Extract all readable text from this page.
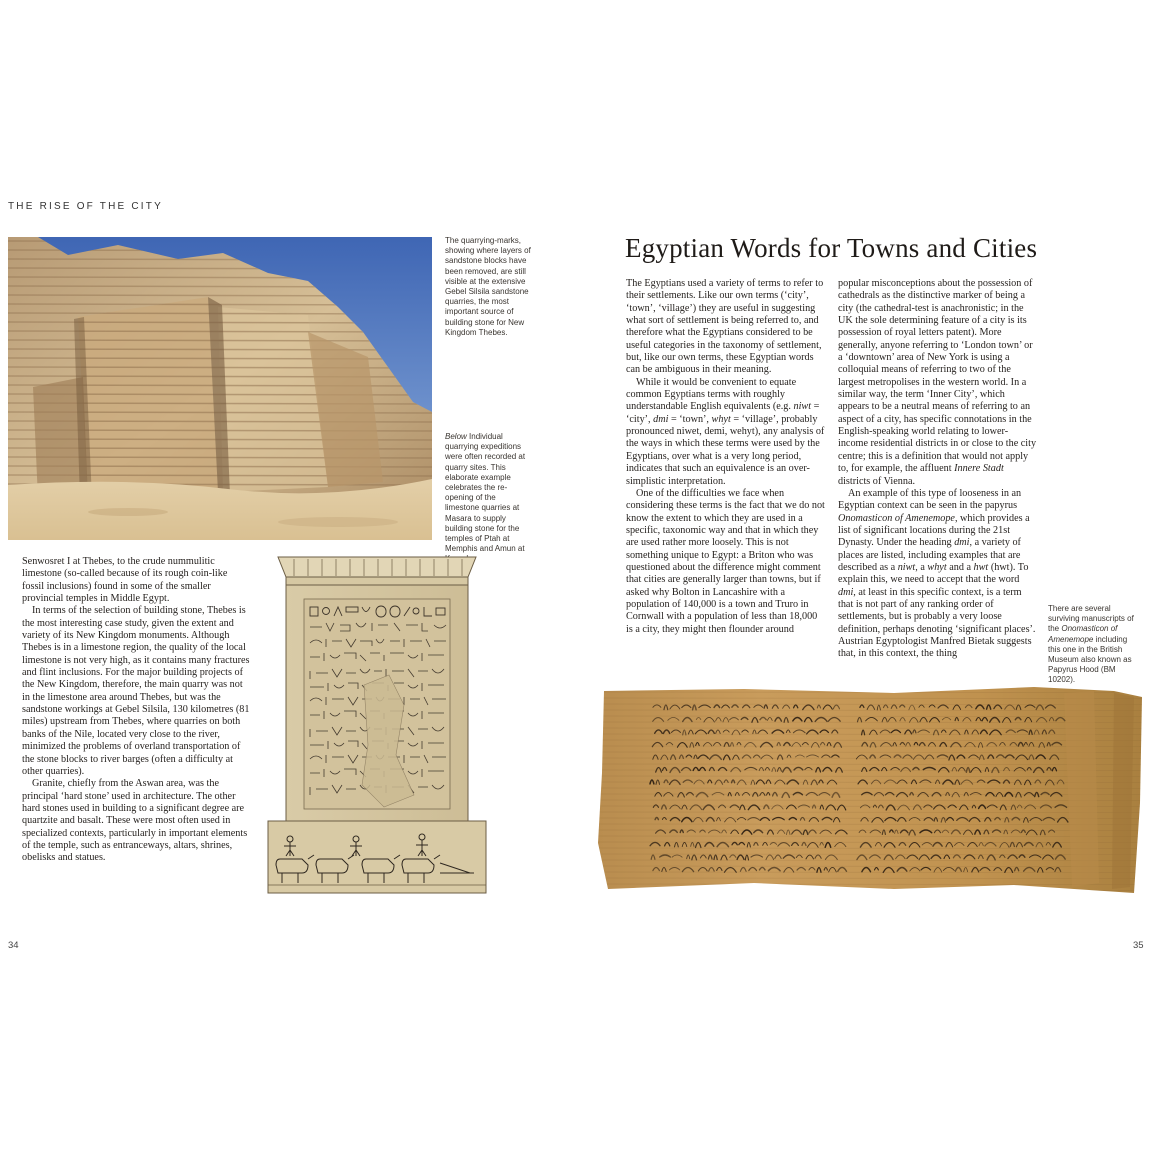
THE RISE OF THE CITY

The quarrying-marks, showing where layers of sandstone blocks have been removed, are still visible at the extensive Gebel Silsila sandstone quarries, the most important source of building stone for New Kingdom Thebes.

Below Individual quarrying expeditions were often recorded at quarry sites. This elaborate example celebrates the re-opening of the limestone quarries at Masara to supply building stone for the temples of Ptah at Memphis and Amun at

Senwosret I at Thebes, to the crude nummulitic limestone (so-called because of its rough coin-like fossil inclusions) found in some of the smaller provincial temples in Middle Egypt.

In terms of the selection of building stone, Thebes is the most interesting case study, given the extent and variety of its New Kingdom monuments. Although Thebes is in a limestone region, the quality of the local limestone is not very high, as it contains many fractures and flint inclusions. For the major building projects of the New Kingdom, therefore, the main quarry was not in the limestone area around Thebes, but was the sandstone workings at Gebel Silsila, 130 kilometres (81 miles) upstream from Thebes, where quarries on both banks of the Nile, located very close to the river, minimized the problems of overland transportation of the stone blocks to river barges (often a difficulty at other quarries).

Granite, chiefly from the Aswan area, was the principal ‘hard stone’ used in architecture. The other hard stones used in building to a significant degree are quartzite and basalt. These were most often used in specialized contexts, particularly in important elements of the temple, such as entranceways, altars, shrines, obelisks and statues.

Egyptian Words for Towns and Cities

The Egyptians used a variety of terms to refer to their settlements. Like our own terms (‘city’, ‘town’, ‘village’) they are useful in suggesting what sort of settlement is being referred to, and therefore what the Egyptians considered to be useful categories in the taxonomy of settlement, but, like our own terms, these Egyptian words can be ambiguous in their meaning.

While it would be convenient to equate common Egyptians terms with roughly understandable English equivalents (e.g. niwt = ‘city’, dmi = ‘town’, whyt = ‘village’, probably pronounced niwet, demi, wehyt), any analysis of the ways in which these terms were used by the Egyptians, over what is a very long period, indicates that such an equivalence is an over-simplistic interpretation.

One of the difficulties we face when considering these terms is the fact that we do not know the extent to which they are used in a specific, taxonomic way and that in which they are used rather more loosely. This is not something unique to Egypt: a Briton who was questioned about the difference might comment that cities are generally larger than towns, but if asked why Bolton in Lancashire with a population of 140,000 is a town and Truro in Cornwall with a population of less than 18,000 is a city, they might then flounder around

popular misconceptions about the possession of cathedrals as the distinctive marker of being a city (the cathedral-test is anachronistic; in the UK the sole determining feature of a city is its possession of royal letters patent). More generally, anyone referring to ‘London town’ or a ‘downtown’ area of New York is using a colloquial means of referring to two of the largest metropolises in the western world. In a similar way, the term ‘Inner City’, which appears to be a neutral means of referring to an aspect of a city, has specific connotations in the English-speaking world relating to lower-income residential districts in or close to the city centre; this is a definition that would not apply to, for example, the affluent Innere Stadt districts of Vienna.

An example of this type of looseness in an Egyptian context can be seen in the papyrus Onomasticon of Amenemope, which provides a list of significant locations during the 21st Dynasty. Under the heading dmi, a variety of places are listed, including examples that are described as a niwt, a whyt and a hwt (hwt). To explain this, we need to accept that the word dmi, at least in this specific context, is a term that is not part of any ranking order of settlements, but is probably a very loose definition, perhaps denoting ‘significant places’. Austrian Egyptologist Manfred Bietak suggests that, in this context, the thing

There are several surviving manuscripts of the Onomasticon of Amenemope including this one in the British Museum also known as Papyrus Hood (BM 10202).

34	35
